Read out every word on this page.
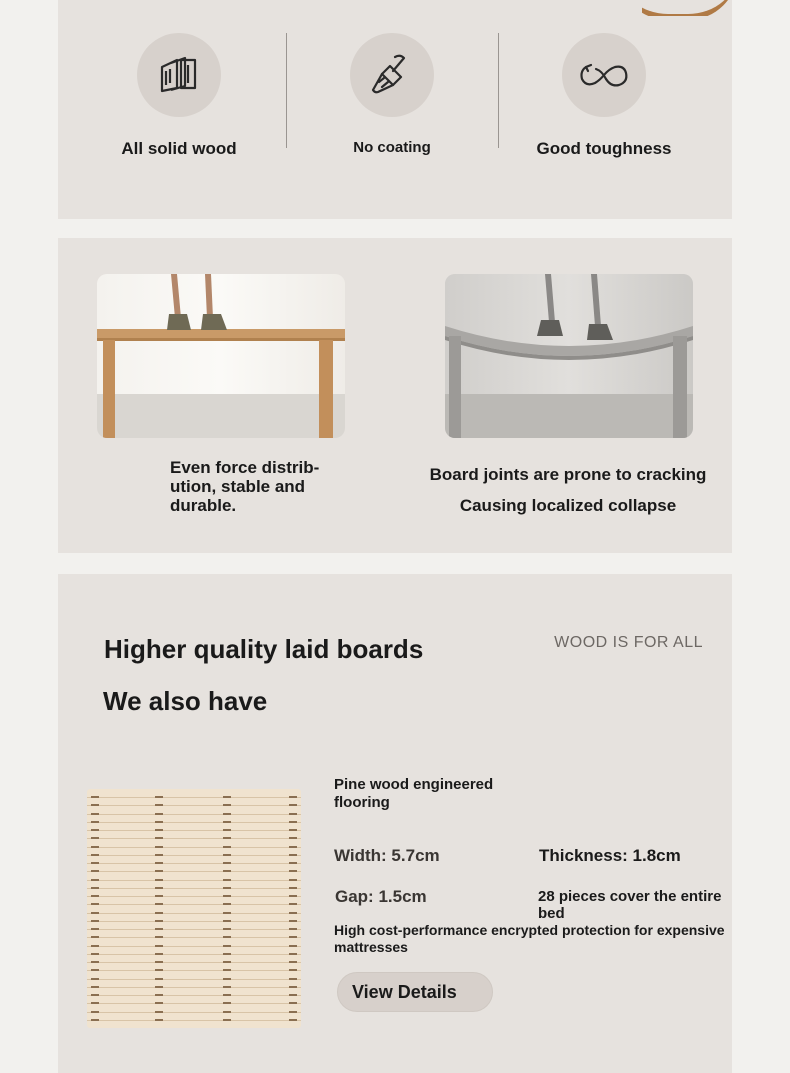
All solid wood	No coating	Good toughness
Even force distrib-
ution, stable and
durable.
Board joints are prone to cracking
Causing localized collapse
Higher quality laid boards	WOOD IS FOR ALL
We also have
Pine wood engineered flooring
Width: 5.7cm	Thickness: 1.8cm
Gap: 1.5cm	28 pieces cover the entire bed
High cost-performance encrypted protection for expensive mattresses
View Details
